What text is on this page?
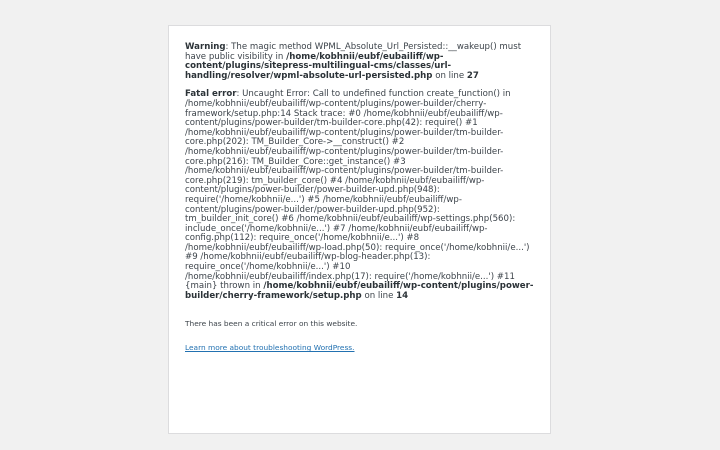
Warning: The magic method WPML_Absolute_Url_Persisted::__wakeup() must have public visibility in /home/kobhnii/eubf/eubailiff/wp-content/plugins/sitepress-multilingual-cms/classes/url-handling/resolver/wpml-absolute-url-persisted.php on line 27

Fatal error: Uncaught Error: Call to undefined function create_function() in /home/kobhnii/eubf/eubailiff/wp-content/plugins/power-builder/cherry-framework/setup.php:14 Stack trace: #0 /home/kobhnii/eubf/eubailiff/wp-content/plugins/power-builder/tm-builder-core.php(42): require() #1 /home/kobhnii/eubf/eubailiff/wp-content/plugins/power-builder/tm-builder-core.php(202): TM_Builder_Core->__construct() #2 /home/kobhnii/eubf/eubailiff/wp-content/plugins/power-builder/tm-builder-core.php(216): TM_Builder_Core::get_instance() #3 /home/kobhnii/eubf/eubailiff/wp-content/plugins/power-builder/tm-builder-core.php(219): tm_builder_core() #4 /home/kobhnii/eubf/eubailiff/wp-content/plugins/power-builder/power-builder-upd.php(948): require('/home/kobhnii/e...') #5 /home/kobhnii/eubf/eubailiff/wp-content/plugins/power-builder/power-builder-upd.php(952): tm_builder_init_core() #6 /home/kobhnii/eubf/eubailiff/wp-settings.php(560): include_once('/home/kobhnii/e...') #7 /home/kobhnii/eubf/eubailiff/wp-config.php(112): require_once('/home/kobhnii/e...') #8 /home/kobhnii/eubf/eubailiff/wp-load.php(50): require_once('/home/kobhnii/e...') #9 /home/kobhnii/eubf/eubailiff/wp-blog-header.php(13): require_once('/home/kobhnii/e...') #10 /home/kobhnii/eubf/eubailiff/index.php(17): require('/home/kobhnii/e...') #11 {main} thrown in /home/kobhnii/eubf/eubailiff/wp-content/plugins/power-builder/cherry-framework/setup.php on line 14

There has been a critical error on this website.

Learn more about troubleshooting WordPress.
